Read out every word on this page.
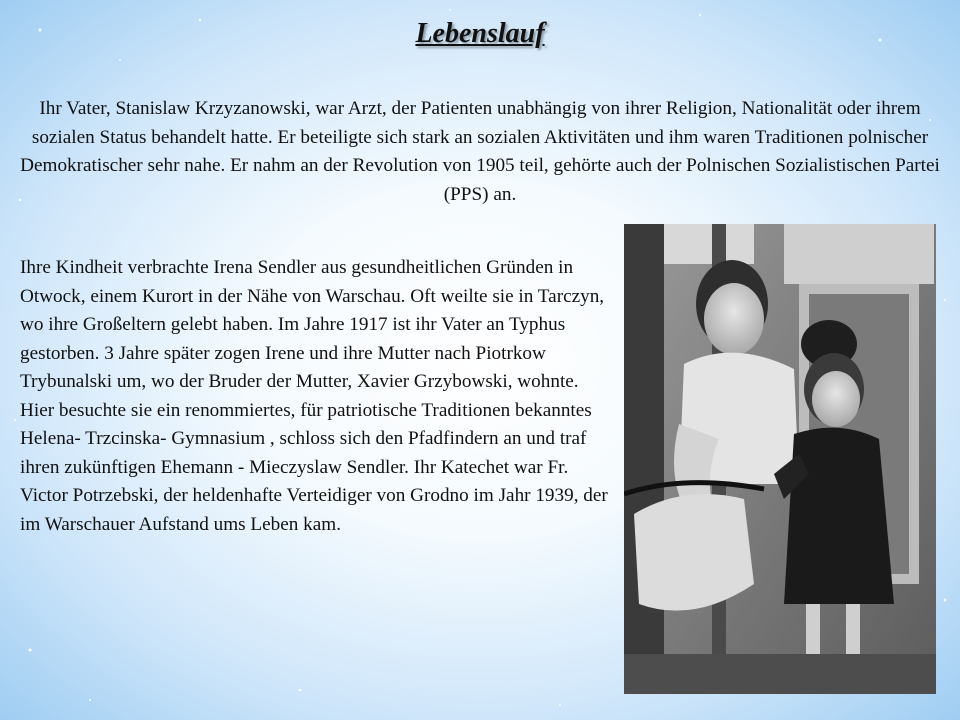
Lebenslauf

Ihr Vater, Stanislaw Krzyzanowski, war Arzt, der Patienten unabhängig von ihrer Religion, Nationalität oder ihrem sozialen Status behandelt hatte. Er beteiligte sich stark an sozialen Aktivitäten und ihm waren Traditionen polnischer Demokratischer sehr nahe. Er nahm an der Revolution von 1905 teil, gehörte auch der Polnischen Sozialistischen Partei (PPS) an.

Ihre Kindheit verbrachte Irena Sendler aus gesundheitlichen Gründen in Otwock, einem Kurort in der Nähe von Warschau. Oft weilte sie in Tarczyn, wo ihre Großeltern gelebt haben. Im Jahre 1917 ist ihr Vater an Typhus gestorben. 3 Jahre später zogen Irene und ihre Mutter nach Piotrkow Trybunalski um, wo der Bruder der Mutter, Xavier Grzybowski, wohnte.

Hier besuchte sie ein renommiertes, für patriotische Traditionen bekanntes Helena- Trzcinska- Gymnasium , schloss sich den Pfadfindern an und traf ihren zukünftigen Ehemann - Mieczyslaw Sendler. Ihr Katechet war Fr. Victor Potrzebski, der heldenhafte Verteidiger von Grodno im Jahr 1939, der im Warschauer Aufstand ums Leben kam.
